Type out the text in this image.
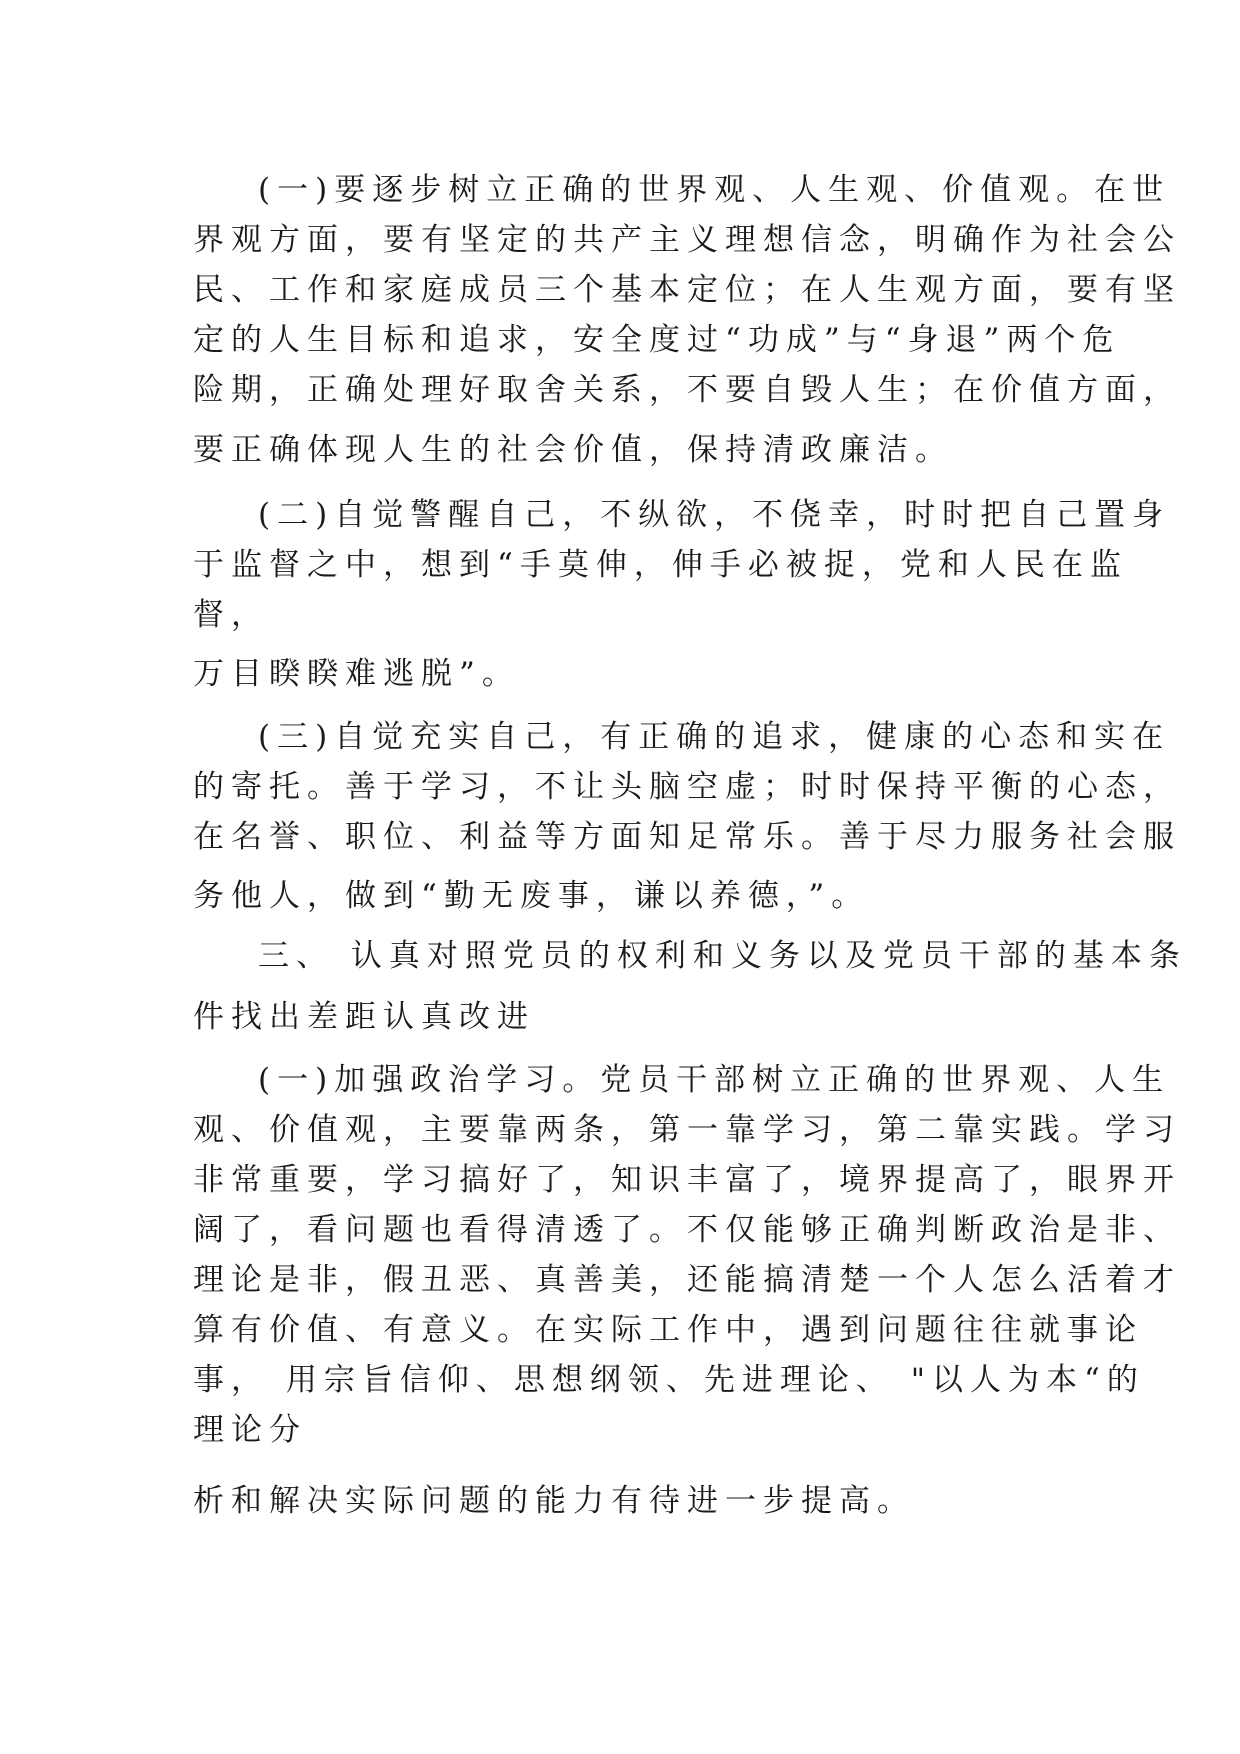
(一)要逐步树立正确的世界观、人生观、价值观。在世

界观方面，要有坚定的共产主义理想信念，明确作为社会公

民、工作和家庭成员三个基本定位；在人生观方面，要有坚

定的人生目标和追求，安全度过“功成”与“身退”两个危

险期，正确处理好取舍关系，不要自毁人生；在价值方面，

要正确体现人生的社会价值，保持清政廉洁。

(二)自觉警醒自己，不纵欲，不侥幸，时时把自己置身

于监督之中，想到“手莫伸，伸手必被捉，党和人民在监

督，

万目睽睽难逃脱”。

(三)自觉充实自己，有正确的追求，健康的心态和实在

的寄托。善于学习，不让头脑空虚；时时保持平衡的心态，

在名誉、职位、利益等方面知足常乐。善于尽力服务社会服

务他人，做到“勤无废事，谦以养德，”。

三、 认真对照党员的权利和义务以及党员干部的基本条

件找出差距认真改进

(一)加强政治学习。党员干部树立正确的世界观、人生

观、价值观，主要靠两条，第一靠学习，第二靠实践。学习

非常重要，学习搞好了，知识丰富了，境界提高了，眼界开

阔了，看问题也看得清透了。不仅能够正确判断政治是非、

理论是非，假丑恶、真善美，还能搞清楚一个人怎么活着才

算有价值、有意义。在实际工作中，遇到问题往往就事论

事， 用宗旨信仰、思想纲领、先进理论、 "以人为本“的

理论分

析和解决实际问题的能力有待进一步提高。
